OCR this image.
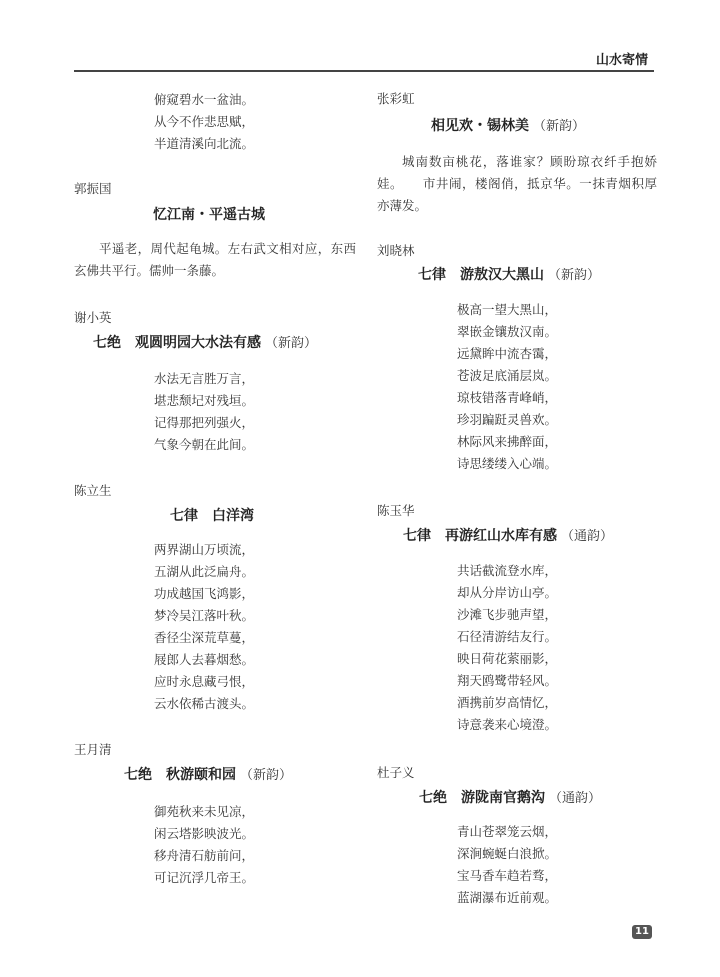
山水寄情
俯窥碧水一盆油。
从今不作悲思赋，
半道清溪向北流。
郭振国
忆江南・平遥古城
平遥老，周代起龟城。左右武文相对应，东西玄佛共平行。儒帅一条藤。
谢小英
七绝　观圆明园大水法有感 （新韵）
水法无言胜万言，
堪悲颓圮对残垣。
记得那把列强火，
气象今朝在此间。
陈立生
七律　白洋湾
两界湖山万顷流，
五湖从此泛扁舟。
功成越国飞鸿影，
梦冷吴江落叶秋。
香径尘深荒草蔓，
屐郎人去暮烟愁。
应时永息藏弓恨，
云水依稀古渡头。
王月清
七绝　秋游颐和园 （新韵）
御苑秋来未见凉，
闲云塔影映波光。
移舟清石舫前问，
可记沉浮几帝王。
张彩虹
相见欢・锡林美 （新韵）
城南数亩桃花，落谁家？顾盼琼衣纤手抱娇娃。　　市井闹，楼阁俏，抵京华。一抹青烟积厚亦薄发。
刘晓林
七律　游敖汉大黑山 （新韵）
极高一望大黑山，
翠嵌金镶敖汉南。
远黛眸中流杏霭，
苍波足底涌层岚。
琼枝错落青峰峭，
珍羽蹁跹灵兽欢。
林际风来拂醉面，
诗思缕缕入心端。
陈玉华
七律　再游红山水库有感 （通韵）
共话截流登水库，
却从分岸访山亭。
沙滩飞步驰声望，
石径清游结友行。
映日荷花萦丽影，
翔天鸥鹭带轻风。
酒携前岁高情忆，
诗意袭来心境澄。
杜子义
七绝　游陇南官鹅沟 （通韵）
青山苍翠笼云烟，
深涧蜿蜒白浪掀。
宝马香车趋若骛，
蓝湖瀑布近前观。
11
